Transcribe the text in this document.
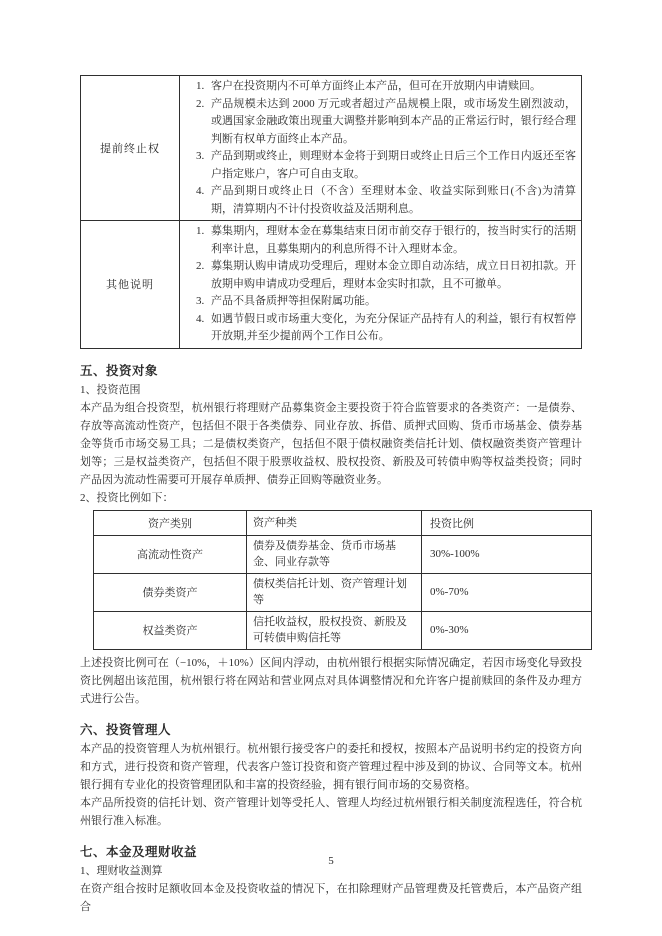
提前终止权	
1. 客户在投资期内不可单方面终止本产品，但可在开放期内申请赎回。
2. 产品规模未达到 2000 万元或者超过产品规模上限，或市场发生剧烈波动，或遇国家金融政策出现重大调整并影响到本产品的正常运行时，银行经合理判断有权单方面终止本产品。
3. 产品到期或终止，则理财本金将于到期日或终止日后三个工作日内返还至客户指定账户，客户可自由支取。
4. 产品到期日或终止日（不含）至理财本金、收益实际到账日(不含)为清算期，清算期内不计付投资收益及活期利息。

其他说明	
1. 募集期内，理财本金在募集结束日闭市前交存于银行的，按当时实行的活期利率计息，且募集期内的利息所得不计入理财本金。
2. 募集期认购申请成功受理后，理财本金立即自动冻结，成立日日初扣款。开放期申购申请成功受理后，理财本金实时扣款，且不可撤单。
3. 产品不具备质押等担保附属功能。
4. 如遇节假日或市场重大变化，为充分保证产品持有人的利益，银行有权暂停开放期,并至少提前两个工作日公布。
五、投资对象

1、投资范围

本产品为组合投资型，杭州银行将理财产品募集资金主要投资于符合监管要求的各类资产：一是债券、存放等高流动性资产，包括但不限于各类债券、同业存放、拆借、质押式回购、货币市场基金、债券基金等货币市场交易工具；二是债权类资产，包括但不限于债权融资类信托计划、债权融资类资产管理计划等；三是权益类资产，包括但不限于股票收益权、股权投资、新股及可转债申购等权益类投资；同时产品因为流动性需要可开展存单质押、债券正回购等融资业务。

2、投资比例如下：

资产类别	资产种类	投资比例
高流动性资产	债券及债券基金、货币市场基金、同业存款等	30%-100%
债券类资产	债权类信托计划、资产管理计划等	0%-70%
权益类资产	信托收益权，股权投资、新股及可转债申购信托等	0%-30%

上述投资比例可在（−10%，＋10%）区间内浮动，由杭州银行根据实际情况确定，若因市场变化导致投资比例超出该范围，杭州银行将在网站和营业网点对具体调整情况和允许客户提前赎回的条件及办理方式进行公告。

六、投资管理人

本产品的投资管理人为杭州银行。杭州银行接受客户的委托和授权，按照本产品说明书约定的投资方向和方式，进行投资和资产管理，代表客户签订投资和资产管理过程中涉及到的协议、合同等文本。杭州银行拥有专业化的投资管理团队和丰富的投资经验，拥有银行间市场的交易资格。

本产品所投资的信托计划、资产管理计划等受托人、管理人均经过杭州银行相关制度流程选任，符合杭州银行准入标准。

七、本金及理财收益

1、理财收益测算

在资产组合按时足额收回本金及投资收益的情况下，在扣除理财产品管理费及托管费后，本产品资产组合

5
